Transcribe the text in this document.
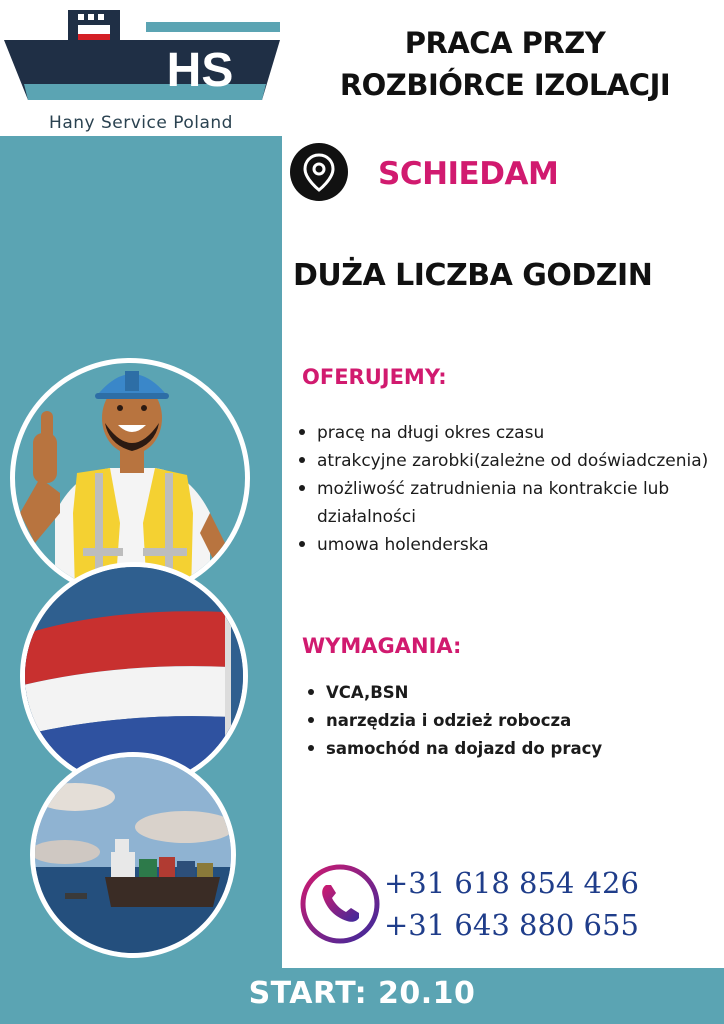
HS
Hany Service Poland
PRACA PRZY
ROZBIÓRCE IZOLACJI
SCHIEDAM
DUŻA LICZBA GODZIN
OFERUJEMY:
pracę na długi okres czasu
atrakcyjne zarobki(zależne od doświadczenia)
możliwość zatrudnienia na kontrakcie lub działalności
umowa holenderska
WYMAGANIA:
VCA,BSN
narzędzia i odzież robocza
samochód na dojazd do pracy
+31 618 854 426
+31 643 880 655
START: 20.10
